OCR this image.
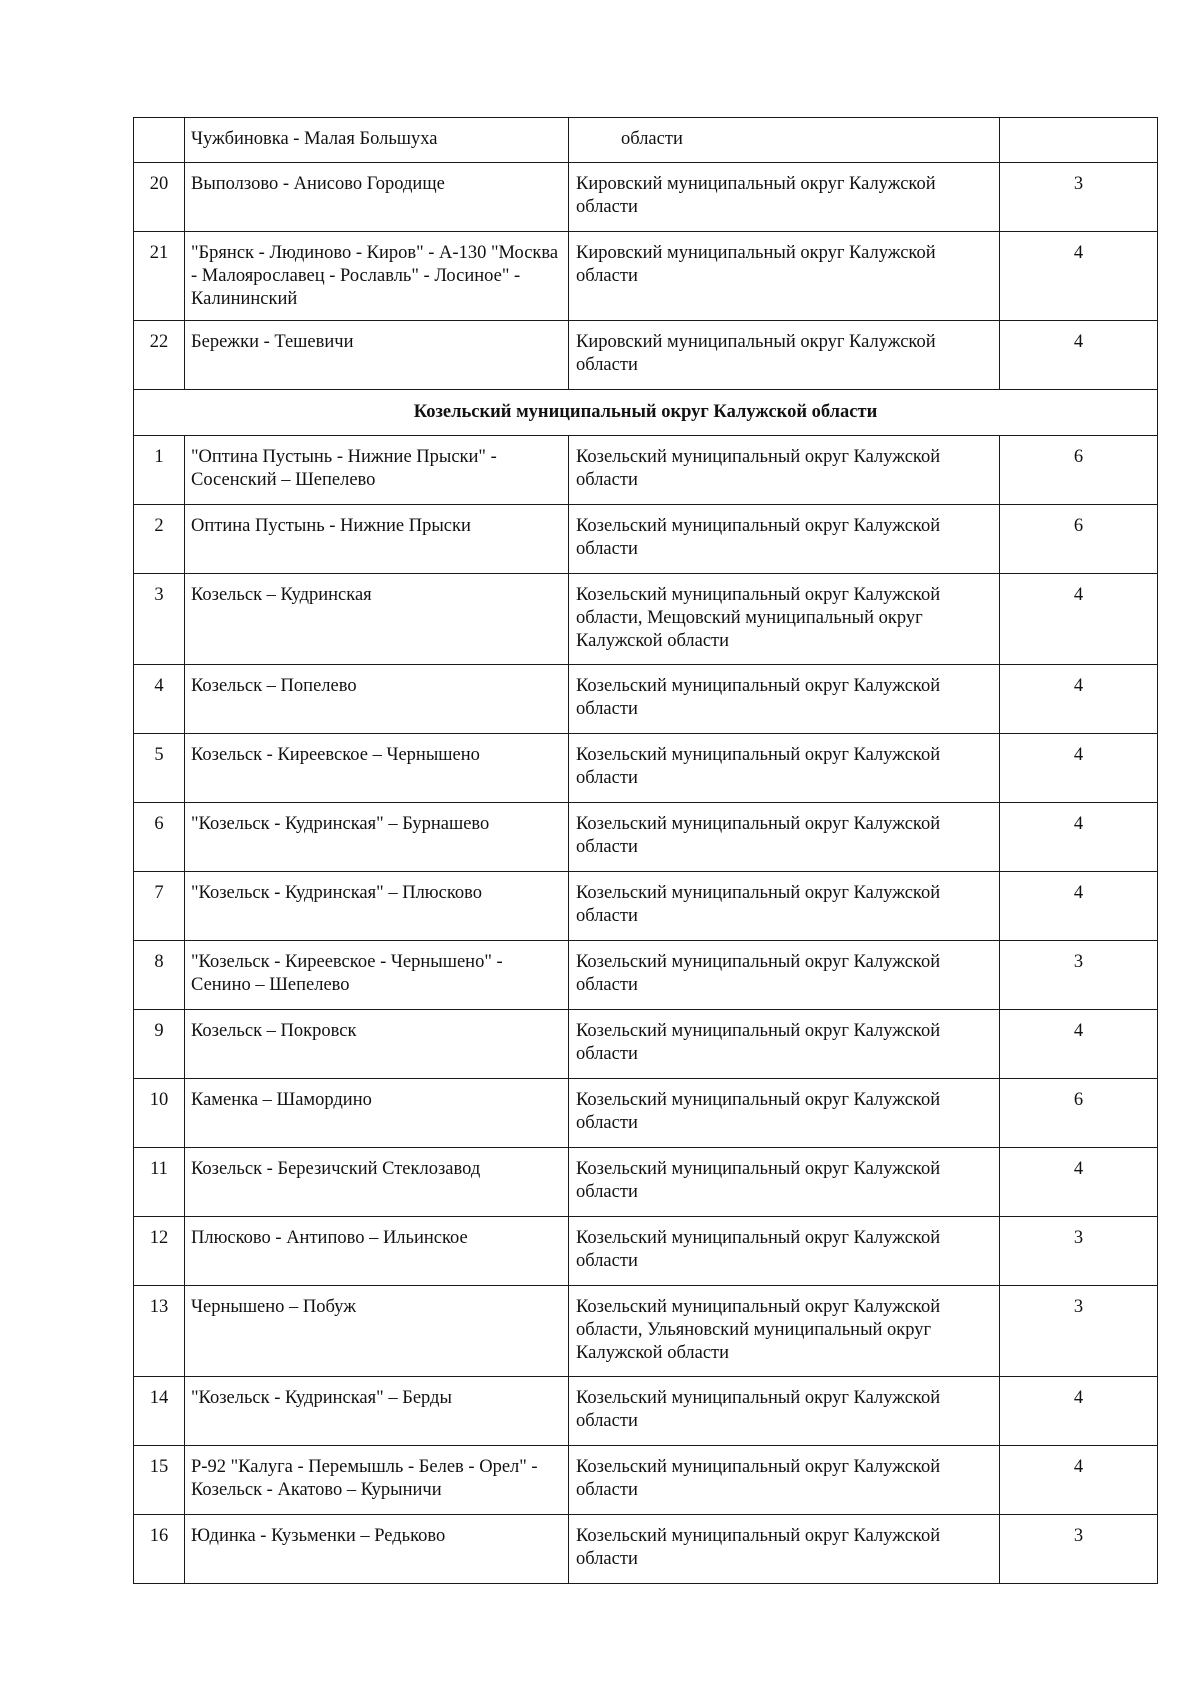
	Чужбиновка - Малая Большуха	области	
20	Выползово - Анисово Городище	Кировский муниципальный округ Калужской области	3
21	"Брянск - Людиново - Киров" - А-130 "Москва - Малоярославец - Рославль" - Лосиное" - Калининский	Кировский муниципальный округ Калужской области	4
22	Бережки - Тешевичи	Кировский муниципальный округ Калужской области	4
Козельский муниципальный округ Калужской области			
1	"Оптина Пустынь - Нижние Прыски" - Сосенский – Шепелево	Козельский муниципальный округ Калужской области	6
2	Оптина Пустынь - Нижние Прыски	Козельский муниципальный округ Калужской области	6
3	Козельск – Кудринская	Козельский муниципальный округ Калужской области, Мещовский муниципальный округ Калужской области	4
4	Козельск – Попелево	Козельский муниципальный округ Калужской области	4
5	Козельск - Киреевское – Чернышено	Козельский муниципальный округ Калужской области	4
6	"Козельск - Кудринская" – Бурнашево	Козельский муниципальный округ Калужской области	4
7	"Козельск - Кудринская" – Плюсково	Козельский муниципальный округ Калужской области	4
8	"Козельск - Киреевское - Чернышено" - Сенино – Шепелево	Козельский муниципальный округ Калужской области	3
9	Козельск – Покровск	Козельский муниципальный округ Калужской области	4
10	Каменка – Шамордино	Козельский муниципальный округ Калужской области	6
11	Козельск - Березичский Стеклозавод	Козельский муниципальный округ Калужской области	4
12	Плюсково - Антипово – Ильинское	Козельский муниципальный округ Калужской области	3
13	Чернышено – Побуж	Козельский муниципальный округ Калужской области, Ульяновский муниципальный округ Калужской области	3
14	"Козельск - Кудринская" – Берды	Козельский муниципальный округ Калужской области	4
15	Р-92 "Калуга - Перемышль - Белев - Орел" - Козельск - Акатово – Курыничи	Козельский муниципальный округ Калужской области	4
16	Юдинка - Кузьменки – Редьково	Козельский муниципальный округ Калужской области	3
